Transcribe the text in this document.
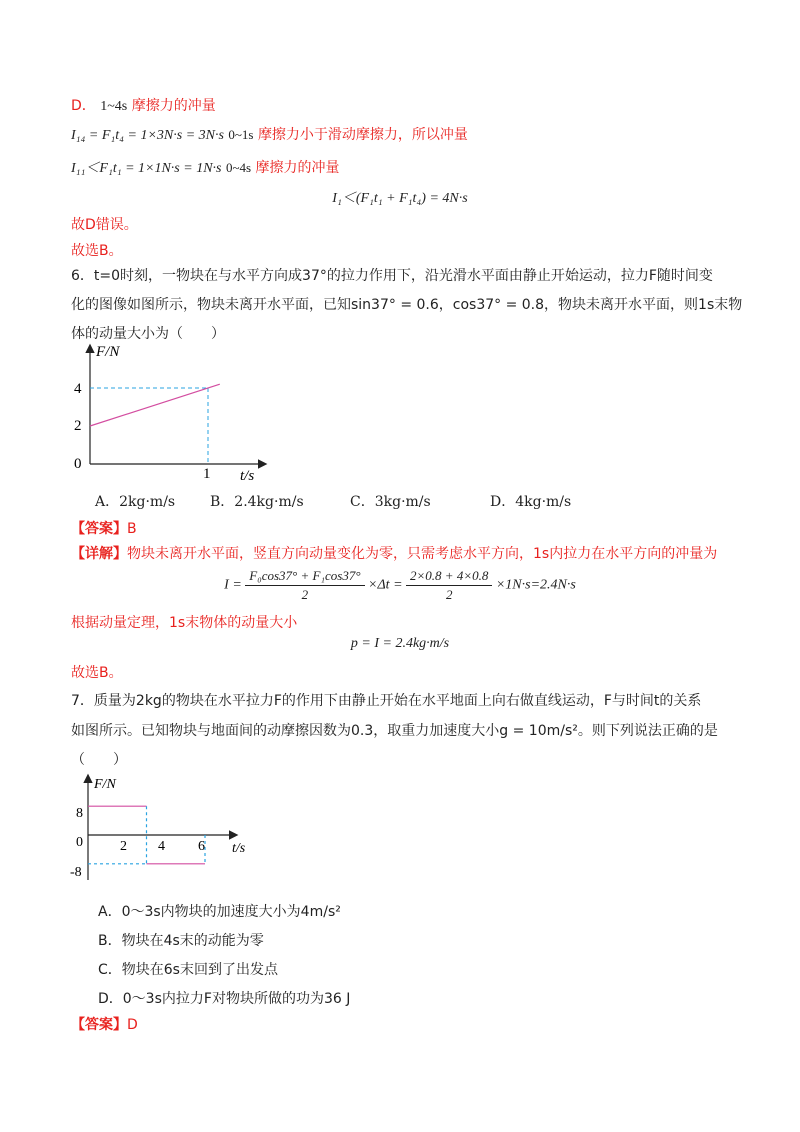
D． 1~4s 摩擦力的冲量
I₁₄ = F₁t₄ = 1×3N·s = 3N·s 0~1s 摩擦力小于滑动摩擦力，所以冲量
I₁₁＜F₁t₁ = 1×1N·s = 1N·s 0~4s 摩擦力的冲量
I₁＜(F₁t₁ + F₁t₄) = 4N·s
故D错误。
故选B。
6．t=0时刻，一物块在与水平方向成37°的拉力作用下，沿光滑水平面由静止开始运动，拉力F随时间变
化的图像如图所示，物块未离开水平面，已知sin37° = 0.6，cos37° = 0.8，物块未离开水平面，则1s末物
体的动量大小为（　　）
F/N
t/s
4
2
0
1
A．2kg·m/s B．2.4kg·m/s	C．3kg·m/s	D．4kg·m/s
【答案】B
【详解】物块未离开水平面，竖直方向动量变化为零，只需考虑水平方向，1s内拉力在水平方向的冲量为
$I = \frac{\text{F₀cos37° + F₁cos37°}}{2} \times\Delta t = \frac{2\times 0.8 + 4\times 0.8}{2} \times 1N\cdot s=2.4N\cdot s$
根据动量定理，1s末物体的动量大小
p = I = 2.4kg·m/s
故选B。
7．质量为2kg的物块在水平拉力F的作用下由静止开始在水平地面上向右做直线运动，F与时间t的关系
如图所示。已知物块与地面间的动摩擦因数为0.3，取重力加速度大小g = 10m/s²。则下列说法正确的是
（　　）
F/N
t/s
8
0
-8
2 4 6
A．0～3s内物块的加速度大小为4m/s²
B．物块在4s末的动能为零
C．物块在6s末回到了出发点
D．0～3s内拉力F对物块所做的功为36 J
【答案】D
